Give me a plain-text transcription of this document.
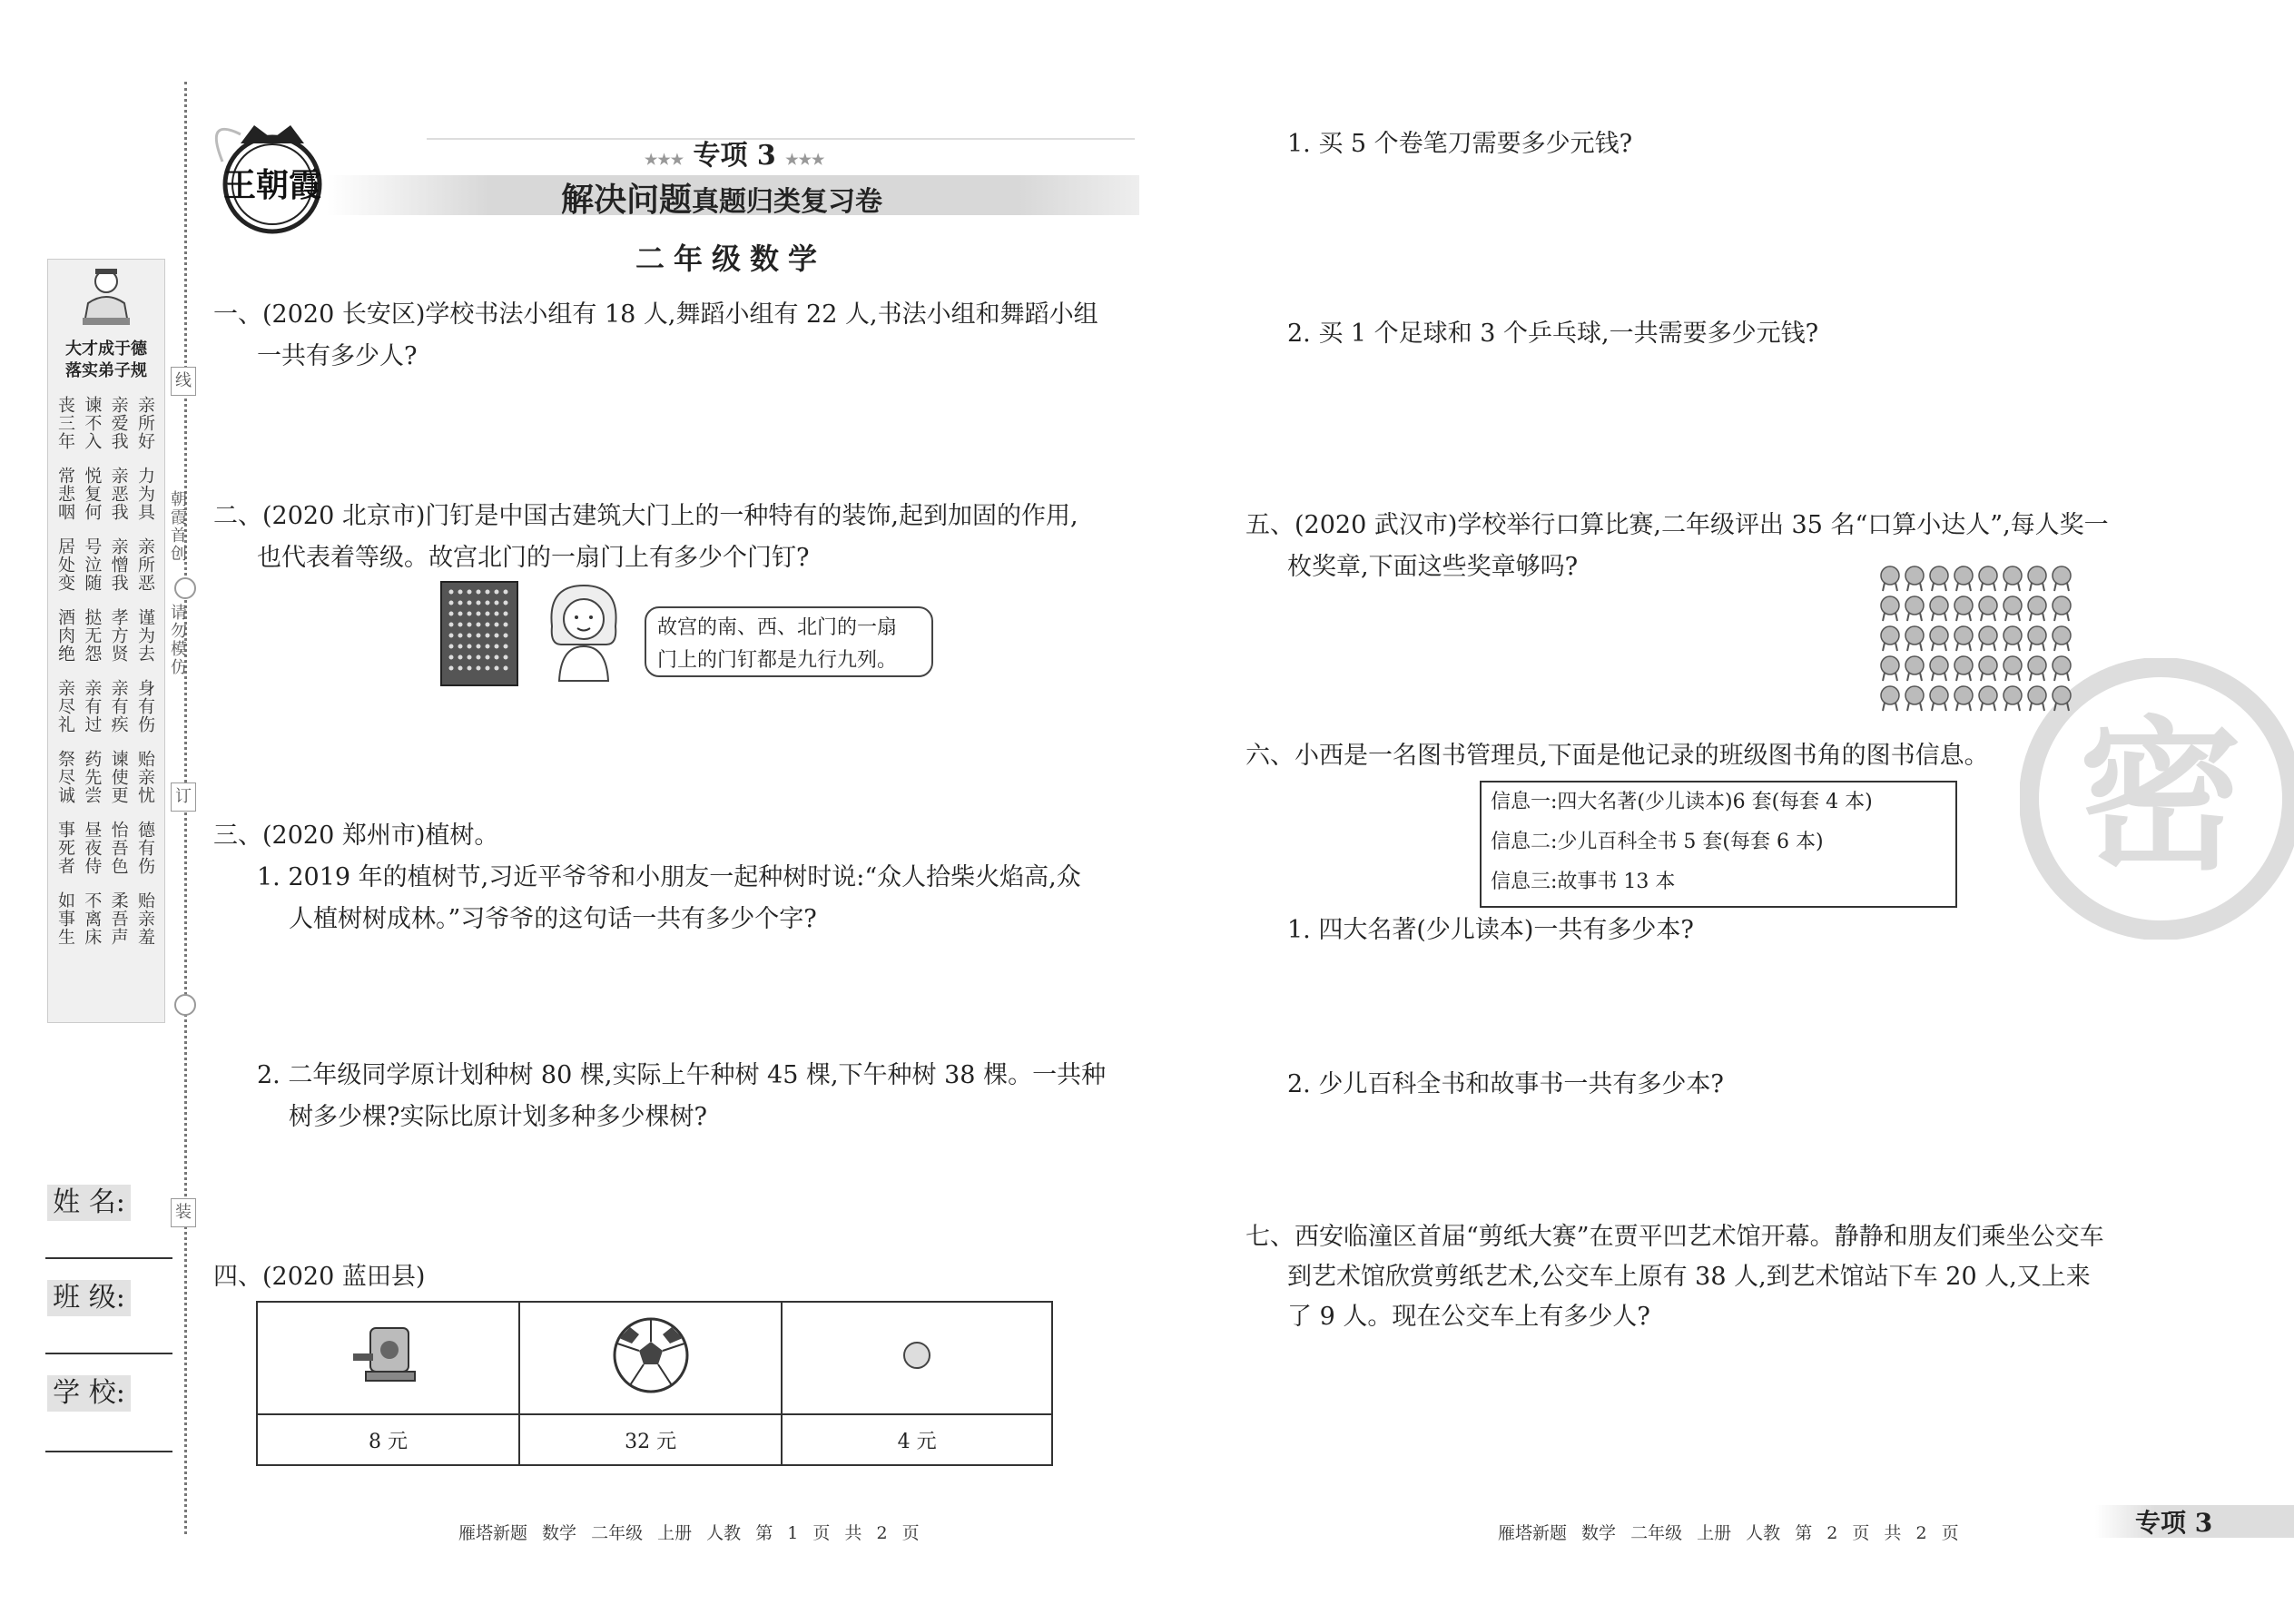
线
订
装
朝霞首创
请勿模仿
大才成于德
落实弟子规
亲所好
亲爱我
谏不入
丧三年
力为具
亲恶我
悦复何
常悲咽
亲所恶
亲憎我
号泣随
居处变
谨为去
孝方贤
挞无怨
酒肉绝
身有伤
亲有疾
亲有过
亲尽礼
贻亲忧
谏使更
药先尝
祭尽诚
德有伤
怡吾色
昼夜侍
事死者
贻亲羞
柔吾声
不离床
如事生
姓 名:
班 级:
学 校:
王朝霞
★★★ 专项 3 ★★★
解决问题真题归类复习卷
二年级数学
一、(2020 长安区)学校书法小组有 18 人,舞蹈小组有 22 人,书法小组和舞蹈小组
一共有多少人?
二、(2020 北京市)门钉是中国古建筑大门上的一种特有的装饰,起到加固的作用,
也代表着等级。故宫北门的一扇门上有多少个门钉?
故宫的南、西、北门的一扇
门上的门钉都是九行九列。
三、(2020 郑州市)植树。
1. 2019 年的植树节,习近平爷爷和小朋友一起种树时说:“众人拾柴火焰高,众
人植树树成林。”习爷爷的这句话一共有多少个字?
2. 二年级同学原计划种树 80 棵,实际上午种树 45 棵,下午种树 38 棵。一共种
树多少棵?实际比原计划多种多少棵树?
四、(2020 蓝田县)

8 元	32 元	4 元
雁塔新题 数学 二年级 上册 人教 第 1 页 共 2 页
密
1. 买 5 个卷笔刀需要多少元钱?
2. 买 1 个足球和 3 个乒乓球,一共需要多少元钱?
五、(2020 武汉市)学校举行口算比赛,二年级评出 35 名“口算小达人”,每人奖一
枚奖章,下面这些奖章够吗?
六、小西是一名图书管理员,下面是他记录的班级图书角的图书信息。
信息一:四大名著(少儿读本)6 套(每套 4 本)
信息二:少儿百科全书 5 套(每套 6 本)
信息三:故事书 13 本
1. 四大名著(少儿读本)一共有多少本?
2. 少儿百科全书和故事书一共有多少本?
七、西安临潼区首届“剪纸大赛”在贾平凹艺术馆开幕。静静和朋友们乘坐公交车
到艺术馆欣赏剪纸艺术,公交车上原有 38 人,到艺术馆站下车 20 人,又上来
了 9 人。现在公交车上有多少人?
雁塔新题 数学 二年级 上册 人教 第 2 页 共 2 页	专项 3
